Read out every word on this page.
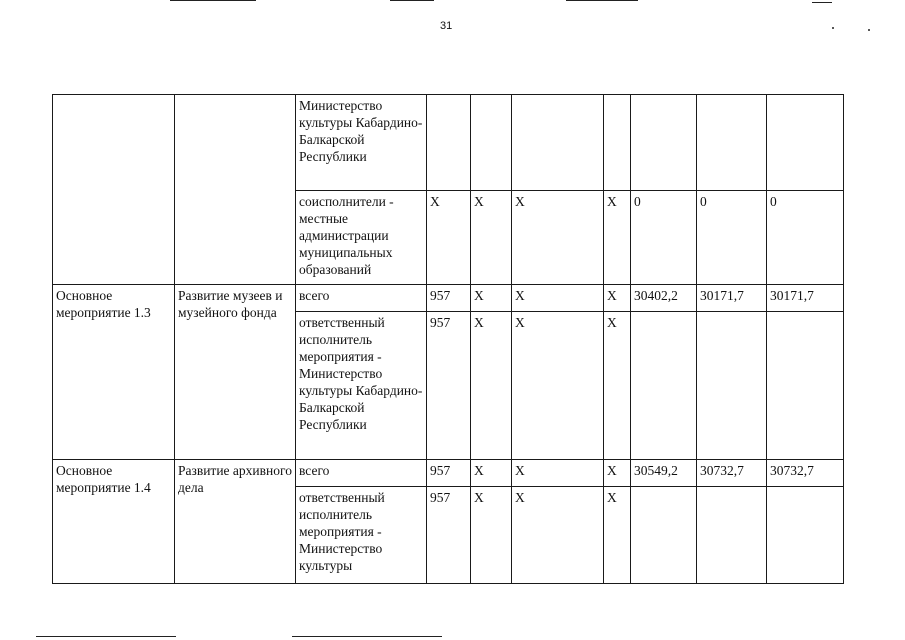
31
		Министерство культуры Кабардино-Балкарской Республики								
		соисполнители - местные администрации муниципальных образований	X	X	X	X	0	0	0	
Основное мероприятие 1.3	Развитие музеев и музейного фонда	всего	957	X	X	X	30402,2	30171,7	30171,7	
		ответственный исполнитель мероприятия - Министерство культуры Кабардино-Балкарской Республики	957	X	X	X				
Основное мероприятие 1.4	Развитие архивного дела	всего	957	X	X	X	30549,2	30732,7	30732,7	
		ответственный исполнитель мероприятия - Министерство культуры	957	X	X	X				
